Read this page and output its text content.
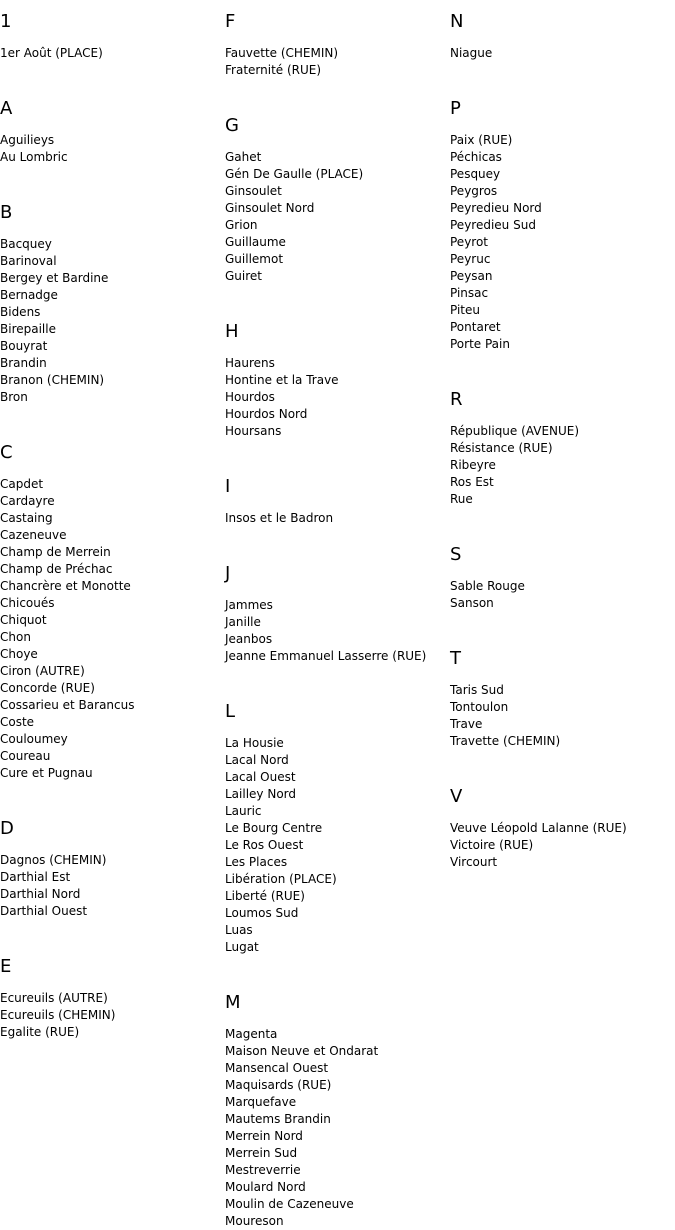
1
1er Août (PLACE)
A
Aguilieys
Au Lombric
B
Bacquey
Barinoval
Bergey et Bardine
Bernadge
Bidens
Birepaille
Bouyrat
Brandin
Branon (CHEMIN)
Bron
C
Capdet
Cardayre
Castaing
Cazeneuve
Champ de Merrein
Champ de Préchac
Chancrère et Monotte
Chicoués
Chiquot
Chon
Choye
Ciron (AUTRE)
Concorde (RUE)
Cossarieu et Barancus
Coste
Couloumey
Coureau
Cure et Pugnau
D
Dagnos (CHEMIN)
Darthial Est
Darthial Nord
Darthial Ouest
E
Ecureuils (AUTRE)
Ecureuils (CHEMIN)
Egalite (RUE)
F
Fauvette (CHEMIN)
Fraternité (RUE)
G
Gahet
Gén De Gaulle (PLACE)
Ginsoulet
Ginsoulet Nord
Grion
Guillaume
Guillemot
Guiret
H
Haurens
Hontine et la Trave
Hourdos
Hourdos Nord
Hoursans
I
Insos et le Badron
J
Jammes
Janille
Jeanbos
Jeanne Emmanuel Lasserre (RUE)
L
La Housie
Lacal Nord
Lacal Ouest
Lailley Nord
Lauric
Le Bourg Centre
Le Ros Ouest
Les Places
Libération (PLACE)
Liberté (RUE)
Loumos Sud
Luas
Lugat
M
Magenta
Maison Neuve et Ondarat
Mansencal Ouest
Maquisards (RUE)
Marquefave
Mautems Brandin
Merrein Nord
Merrein Sud
Mestreverrie
Moulard Nord
Moulin de Cazeneuve
Moureson
N
Niague
P
Paix (RUE)
Péchicas
Pesquey
Peygros
Peyredieu Nord
Peyredieu Sud
Peyrot
Peyruc
Peysan
Pinsac
Piteu
Pontaret
Porte Pain
R
République (AVENUE)
Résistance (RUE)
Ribeyre
Ros Est
Rue
S
Sable Rouge
Sanson
T
Taris Sud
Tontoulon
Trave
Travette (CHEMIN)
V
Veuve Léopold Lalanne (RUE)
Victoire (RUE)
Vircourt
